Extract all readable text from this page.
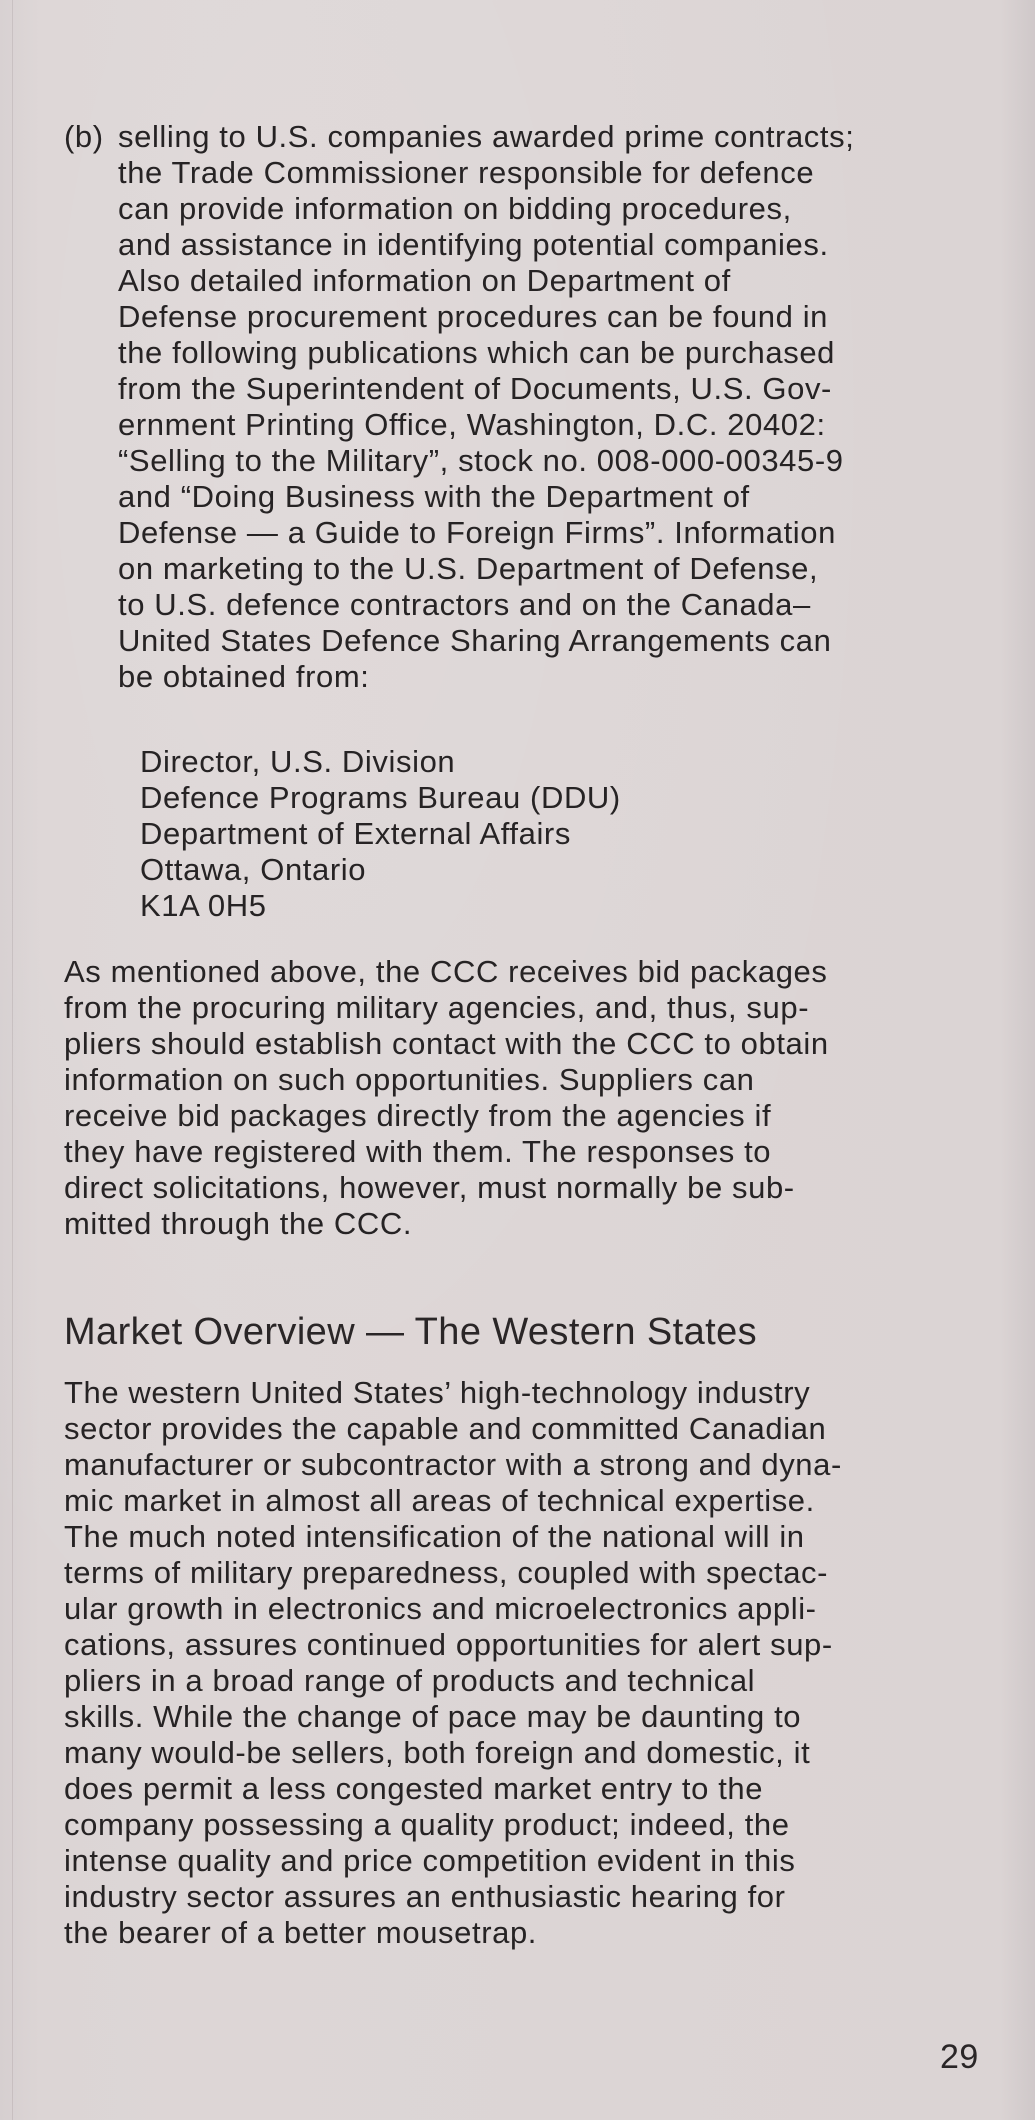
(b) selling to U.S. companies awarded prime contracts;
the Trade Commissioner responsible for defence
can provide information on bidding procedures,
and assistance in identifying potential companies.
Also detailed information on Department of
Defense procurement procedures can be found in
the following publications which can be purchased
from the Superintendent of Documents, U.S. Gov-
ernment Printing Office, Washington, D.C. 20402:
“Selling to the Military”, stock no. 008-000-00345-9
and “Doing Business with the Department of
Defense — a Guide to Foreign Firms”. Information
on marketing to the U.S. Department of Defense,
to U.S. defence contractors and on the Canada–
United States Defence Sharing Arrangements can
be obtained from:
Director, U.S. Division
Defence Programs Bureau (DDU)
Department of External Affairs
Ottawa, Ontario
K1A 0H5
As mentioned above, the CCC receives bid packages
from the procuring military agencies, and, thus, sup-
pliers should establish contact with the CCC to obtain
information on such opportunities. Suppliers can
receive bid packages directly from the agencies if
they have registered with them. The responses to
direct solicitations, however, must normally be sub-
mitted through the CCC.
Market Overview — The Western States
The western United States’ high-technology industry
sector provides the capable and committed Canadian
manufacturer or subcontractor with a strong and dyna-
mic market in almost all areas of technical expertise.
The much noted intensification of the national will in
terms of military preparedness, coupled with spectac-
ular growth in electronics and microelectronics appli-
cations, assures continued opportunities for alert sup-
pliers in a broad range of products and technical
skills. While the change of pace may be daunting to
many would-be sellers, both foreign and domestic, it
does permit a less congested market entry to the
company possessing a quality product; indeed, the
intense quality and price competition evident in this
industry sector assures an enthusiastic hearing for
the bearer of a better mousetrap.
29
